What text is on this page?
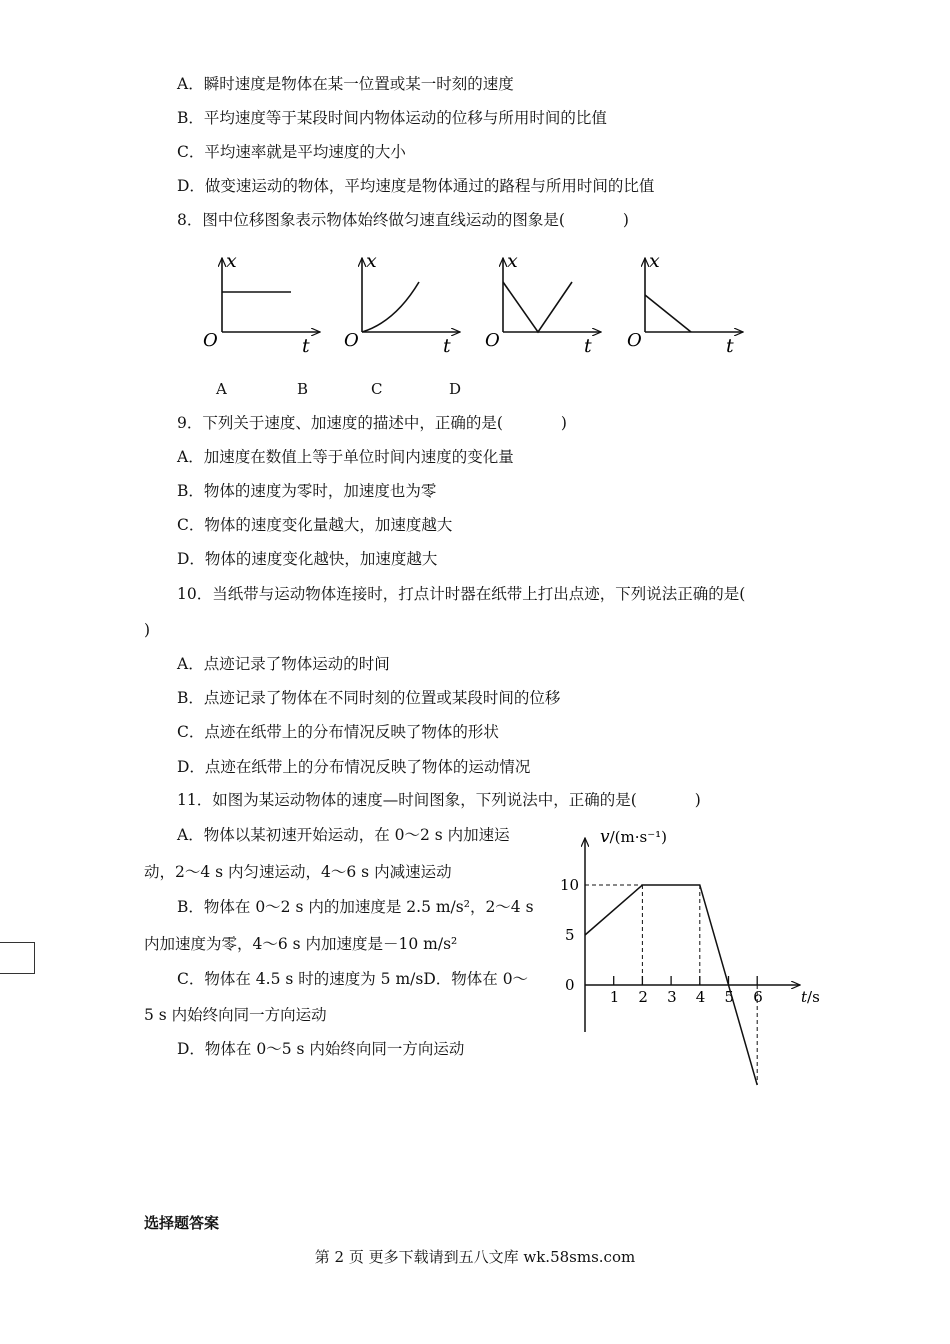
A．瞬时速度是物体在某一位置或某一时刻的速度
B．平均速度等于某段时间内物体运动的位移与所用时间的比值
C．平均速率就是平均速度的大小
D．做变速运动的物体，平均速度是物体通过的路程与所用时间的比值
8．图中位移图象表示物体始终做匀速直线运动的图象是(	)
x
O	t
x
O	t
x
O	t
x
O	t
A	B	C	D
9．下列关于速度、加速度的描述中，正确的是(	)
A．加速度在数值上等于单位时间内速度的变化量
B．物体的速度为零时，加速度也为零
C．物体的速度变化量越大，加速度越大
D．物体的速度变化越快，加速度越大
10．当纸带与运动物体连接时，打点计时器在纸带上打出点迹，下列说法正确的是(
)
A．点迹记录了物体运动的时间
B．点迹记录了物体在不同时刻的位置或某段时间的位移
C．点迹在纸带上的分布情况反映了物体的形状
D．点迹在纸带上的分布情况反映了物体的运动情况
11．如图为某运动物体的速度—时间图象，下列说法中，正确的是(	)
A．物体以某初速开始运动，在 0～2 s 内加速运
动，2～4 s 内匀速运动，4～6 s 内减速运动
B．物体在 0～2 s 内的加速度是 2.5 m/s²，2～4 s
内加速度为零，4～6 s 内加速度是－10 m/s²
C．物体在 4.5 s 时的速度为 5 m/sD．物体在 0～
5 s 内始终向同一方向运动
D．物体在 0～5 s 内始终向同一方向运动
v/(m·s⁻¹)
t/s
1 2 3 4 5 6
10
5
0
选择题答案
第 2 页 更多下载请到五八文库 wk.58sms.com
